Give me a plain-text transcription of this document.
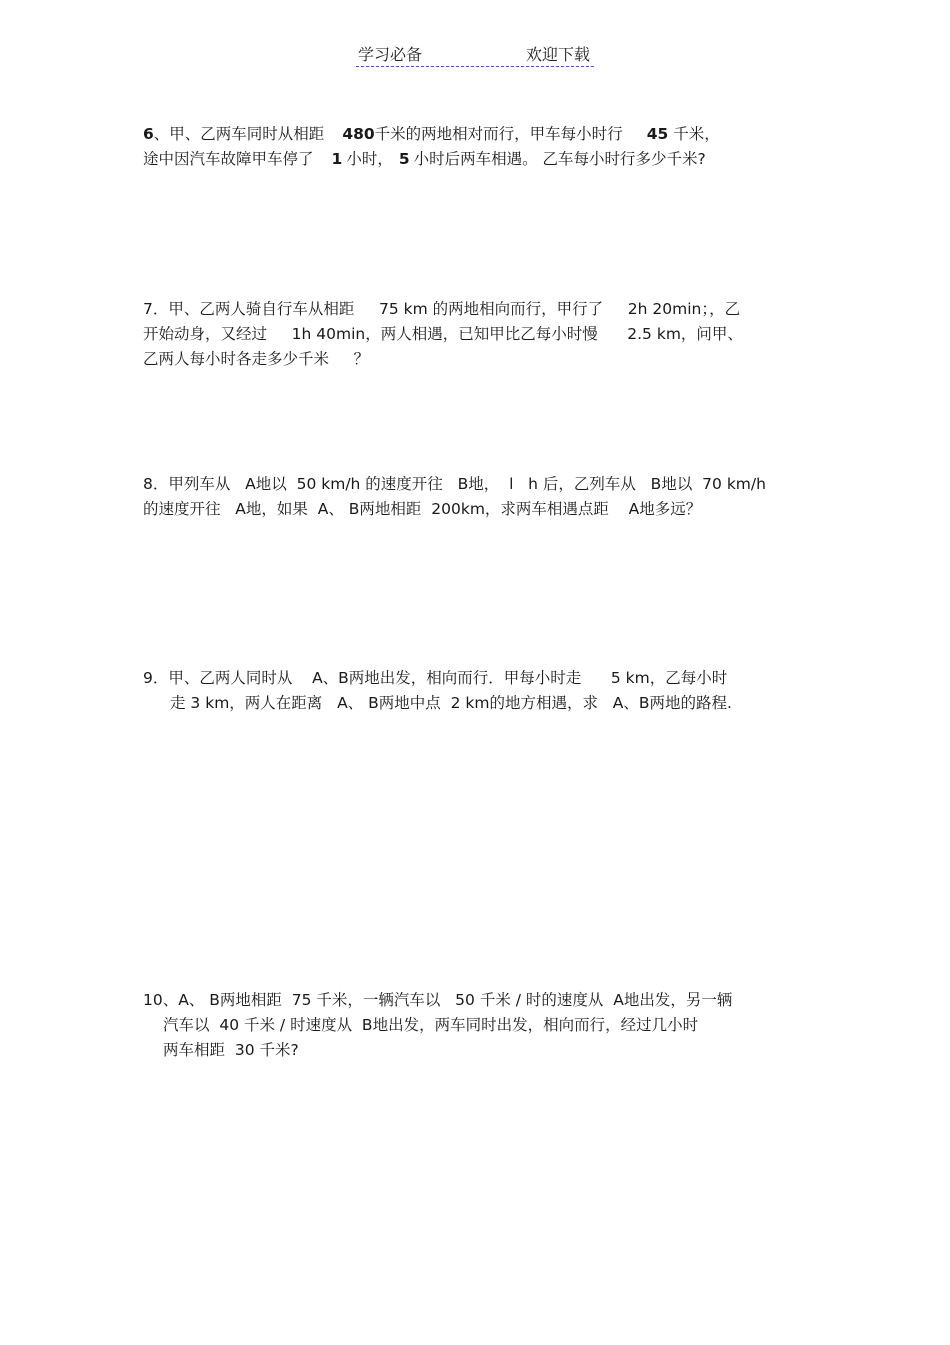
学习必备	欢迎下载
6、甲、乙两车同时从相距 480千米的两地相对而行，甲车每小时行 45 千米，
途中因汽车故障甲车停了 1 小时， 5 小时后两车相遇。 乙车每小时行多少千米?
7．甲、乙两人骑自行车从相距     75 km 的两地相向而行，甲行了     2h 20min；，乙
开始动身，又经过     1h 40min，两人相遇，已知甲比乙每小时慢      2.5 km，问甲、
乙两人每小时各走多少千米     ？
8．甲列车从   A地以  50 km/h 的速度开往   B地，  l   h 后，乙列车从   B地以  70 km/h
的速度开往   A地，如果  A、 B两地相距  200km，求两车相遇点距    A地多远？
9．甲、乙两人同时从    A、B两地出发，相向而行．甲每小时走      5 km，乙每小时
走 3 km，两人在距离   A、 B两地中点  2 km的地方相遇，求   A、B两地的路程.
10、A、 B两地相距  75 千米，一辆汽车以   50 千米 / 时的速度从  A地出发，另一辆
汽车以  40 千米 / 时速度从  B地出发，两车同时出发，相向而行，经过几小时
两车相距  30 千米?
